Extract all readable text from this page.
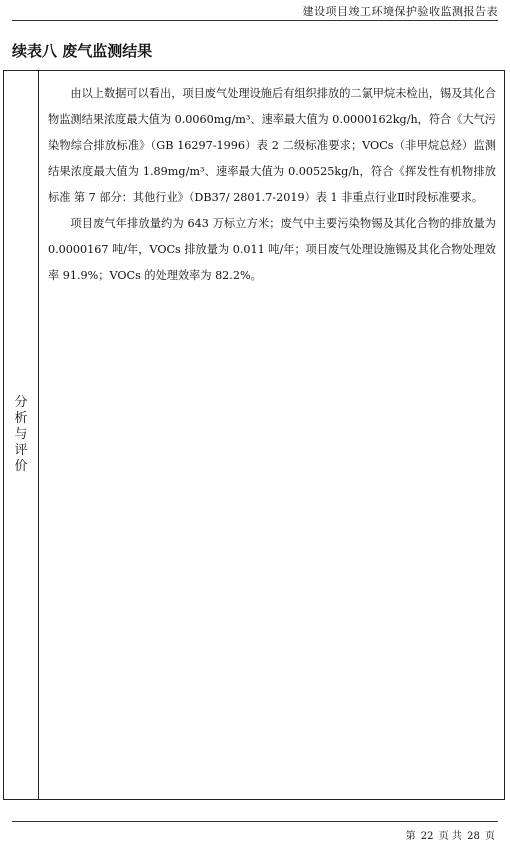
建设项目竣工环境保护验收监测报告表
续表八 废气监测结果
分析与评价

由以上数据可以看出，项目废气处理设施后有组织排放的二氯甲烷未检出，锡及其化合物监测结果浓度最大值为 0.0060mg/m³、速率最大值为 0.0000162kg/h，符合《大气污染物综合排放标准》（GB 16297-1996）表 2 二级标准要求；VOCs（非甲烷总烃）监测结果浓度最大值为 1.89mg/m³、速率最大值为 0.00525kg/h，符合《挥发性有机物排放标准 第 7 部分：其他行业》（DB37/ 2801.7-2019）表 1 非重点行业Ⅱ时段标准要求。

项目废气年排放量约为 643 万标立方米；废气中主要污染物锡及其化合物的排放量为 0.0000167 吨/年，VOCs 排放量为 0.011 吨/年；项目废气处理设施锡及其化合物处理效率 91.9%；VOCs 的处理效率为 82.2%。

第 22 页 共 28 页
